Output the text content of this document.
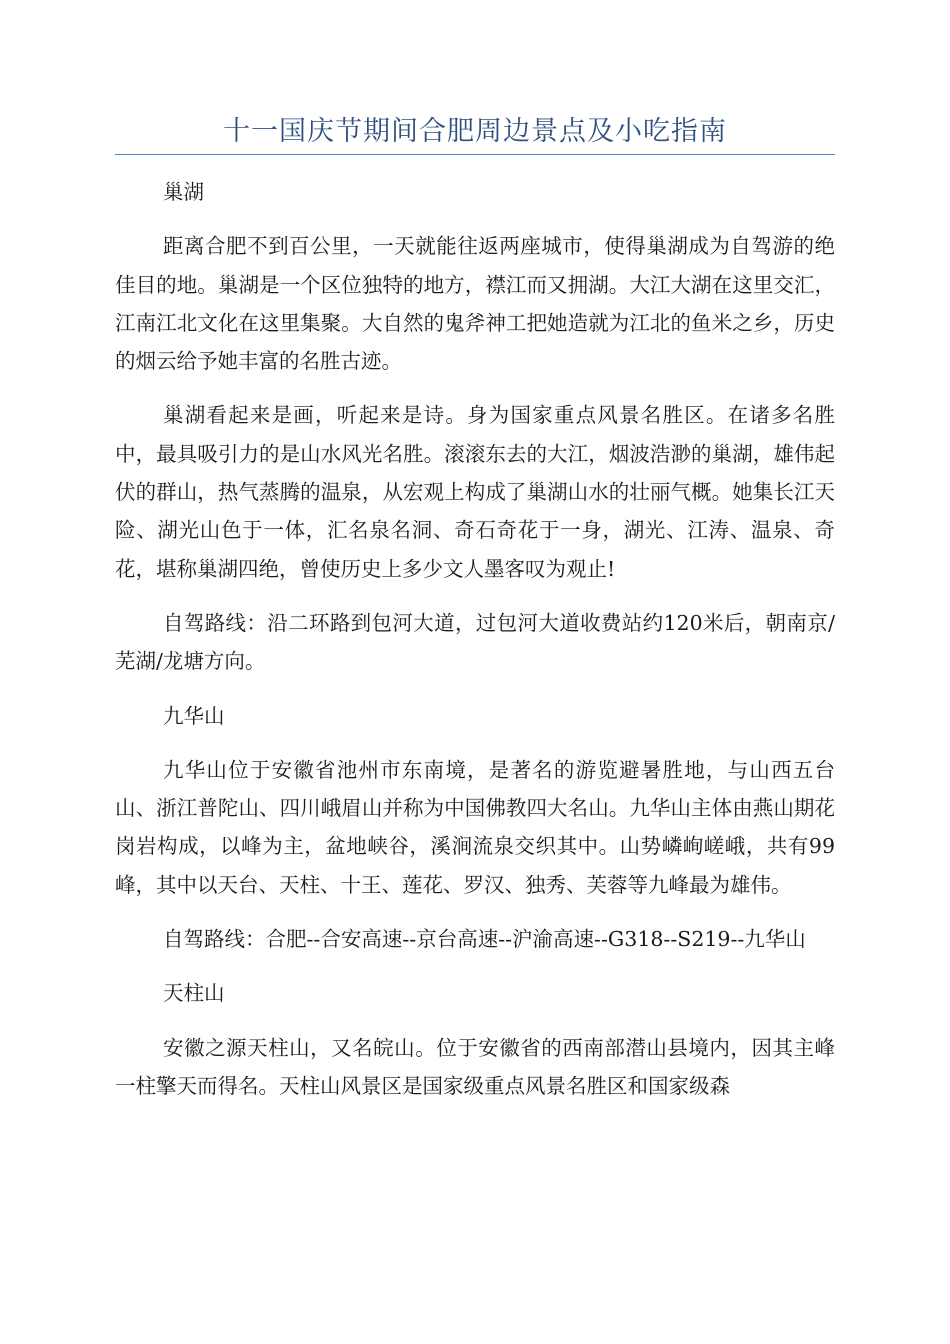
十一国庆节期间合肥周边景点及小吃指南

巢湖

距离合肥不到百公里，一天就能往返两座城市，使得巢湖成为自驾游的绝佳目的地。巢湖是一个区位独特的地方，襟江而又拥湖。大江大湖在这里交汇，江南江北文化在这里集聚。大自然的鬼斧神工把她造就为江北的鱼米之乡，历史的烟云给予她丰富的名胜古迹。

巢湖看起来是画，听起来是诗。身为国家重点风景名胜区。在诸多名胜中，最具吸引力的是山水风光名胜。滚滚东去的大江，烟波浩渺的巢湖，雄伟起伏的群山，热气蒸腾的温泉，从宏观上构成了巢湖山水的壮丽气概。她集长江天险、湖光山色于一体，汇名泉名洞、奇石奇花于一身，湖光、江涛、温泉、奇花，堪称巢湖四绝，曾使历史上多少文人墨客叹为观止!

自驾路线：沿二环路到包河大道，过包河大道收费站约120米后，朝南京/芜湖/龙塘方向。

九华山

九华山位于安徽省池州市东南境，是著名的游览避暑胜地，与山西五台山、浙江普陀山、四川峨眉山并称为中国佛教四大名山。九华山主体由燕山期花岗岩构成，以峰为主，盆地峡谷，溪涧流泉交织其中。山势嶙峋嵯峨，共有99峰，其中以天台、天柱、十王、莲花、罗汉、独秀、芙蓉等九峰最为雄伟。

自驾路线：合肥--合安高速--京台高速--沪渝高速--G318--S219--九华山

天柱山

安徽之源天柱山，又名皖山。位于安徽省的西南部潜山县境内，因其主峰一柱擎天而得名。天柱山风景区是国家级重点风景名胜区和国家级森
